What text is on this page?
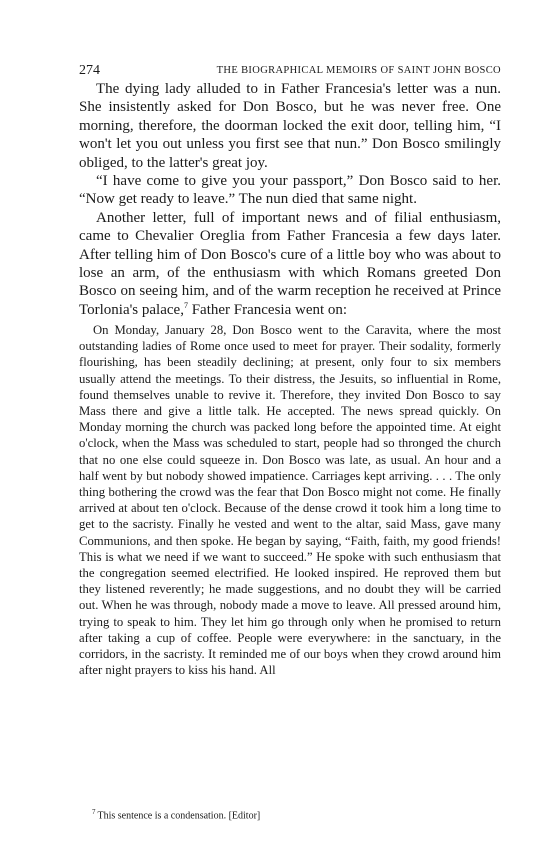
274	THE BIOGRAPHICAL MEMOIRS OF SAINT JOHN BOSCO

The dying lady alluded to in Father Francesia's letter was a nun. She insistently asked for Don Bosco, but he was never free. One morning, therefore, the doorman locked the exit door, telling him, “I won't let you out unless you first see that nun.” Don Bosco smilingly obliged, to the latter's great joy.

“I have come to give you your passport,” Don Bosco said to her. “Now get ready to leave.” The nun died that same night.

Another letter, full of important news and of filial enthusiasm, came to Chevalier Oreglia from Father Francesia a few days later. After telling him of Don Bosco's cure of a little boy who was about to lose an arm, of the enthusiasm with which Romans greeted Don Bosco on seeing him, and of the warm reception he received at Prince Torlonia's palace,$^7$ Father Francesia went on:

On Monday, January 28, Don Bosco went to the Caravita, where the most outstanding ladies of Rome once used to meet for prayer. Their sodality, formerly flourishing, has been steadily declining; at present, only four to six members usually attend the meetings. To their distress, the Jesuits, so influential in Rome, found themselves unable to revive it. Therefore, they invited Don Bosco to say Mass there and give a little talk. He accepted. The news spread quickly. On Monday morning the church was packed long before the appointed time. At eight o'clock, when the Mass was scheduled to start, people had so thronged the church that no one else could squeeze in. Don Bosco was late, as usual. An hour and a half went by but nobody showed impatience. Carriages kept arriving. . . . The only thing bothering the crowd was the fear that Don Bosco might not come. He finally arrived at about ten o'clock. Because of the dense crowd it took him a long time to get to the sacristy. Finally he vested and went to the altar, said Mass, gave many Communions, and then spoke. He began by saying, “Faith, faith, my good friends! This is what we need if we want to succeed.” He spoke with such enthusiasm that the congregation seemed electrified. He looked inspired. He reproved them but they listened reverently; he made suggestions, and no doubt they will be carried out. When he was through, nobody made a move to leave. All pressed around him, trying to speak to him. They let him go through only when he promised to return after taking a cup of coffee. People were everywhere: in the sanctuary, in the corridors, in the sacristy. It reminded me of our boys when they crowd around him after night prayers to kiss his hand. All

$^7$ This sentence is a condensation. [Editor]
